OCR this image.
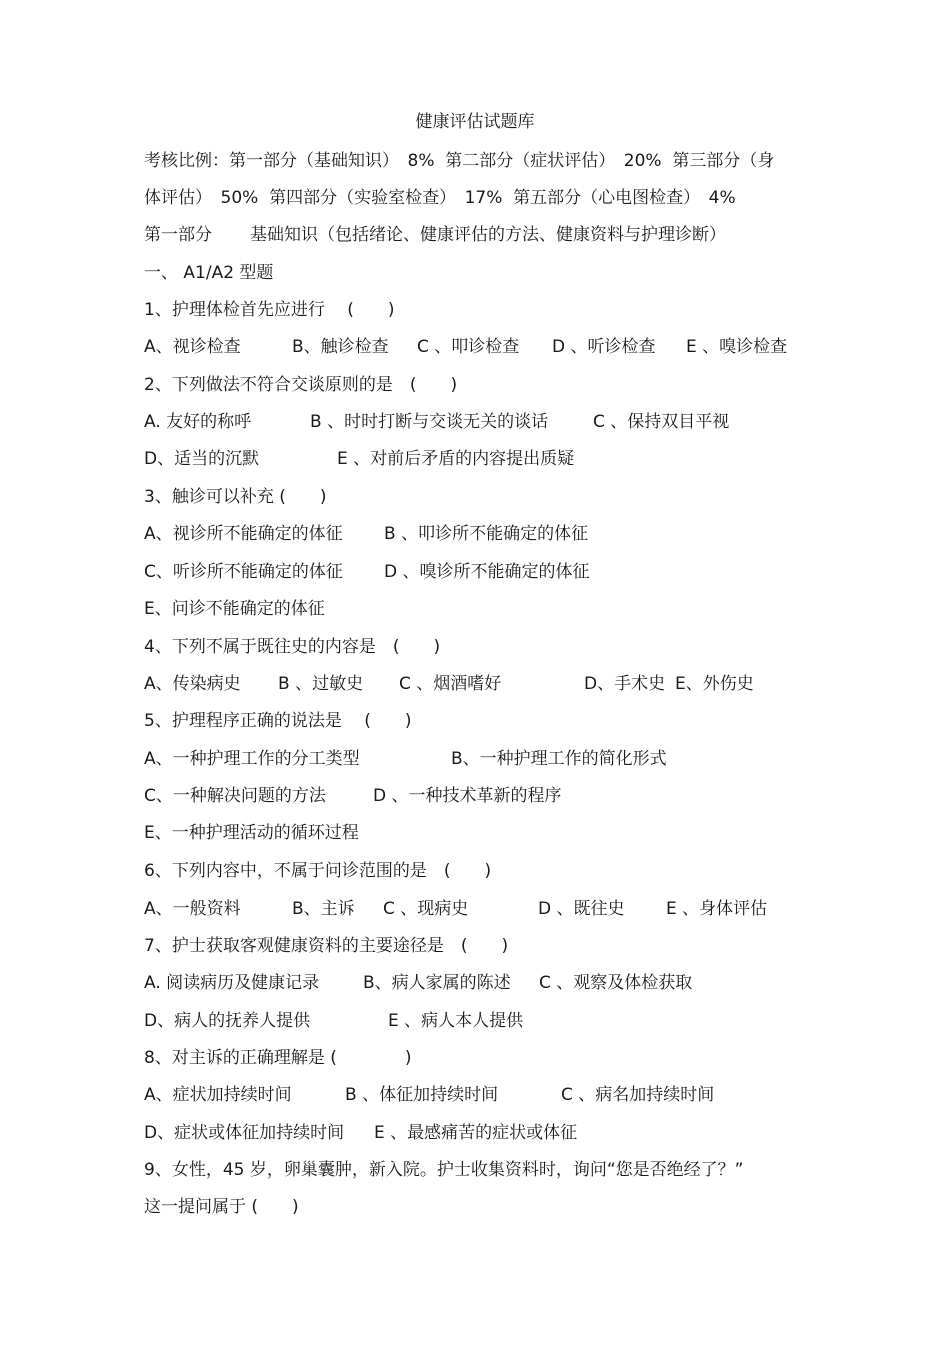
健康评估试题库
考核比例：第一部分（基础知识）　8%  第二部分（症状评估）　20%  第三部分（身
体评估）　50%  第四部分（实验室检查）　17%  第五部分（心电图检查）　4%

第一部分

基础知识（包括绪论、健康评估的方法、健康资料与护理诊断）

一、 A1/A2 型题
1、护理体检首先应进行　 (　　)

A、视诊检查

	B、触诊检查

C 、叩诊检查

D 、听诊检查

E 、嗅诊检查

2、下列做法不符合交谈原则的是　(　　)

A. 友好的称呼

	B 、时时打断与交谈无关的谈话

	C 、保持双目平视

D、适当的沉默

	E 、对前后矛盾的内容提出质疑

3、触诊可以补充 (　　)

A、视诊所不能确定的体征

B 、叩诊所不能确定的体征

C、听诊所不能确定的体征

D 、嗅诊所不能确定的体征

E、问诊不能确定的体征
4、下列不属于既往史的内容是　(　　)

A、传染病史

B 、过敏史

C 、烟酒嗜好

	D、手术史

E、外伤史

5、护理程序正确的说法是　 (　　)

A、一种护理工作的分工类型

	B、一种护理工作的简化形式

C、一种解决问题的方法

	D 、一种技术革新的程序

E、一种护理活动的循环过程
6、下列内容中，不属于问诊范围的是　(　　)

A、一般资料

	B、主诉

C 、现病史

	D 、既往史

E 、身体评估

7、护士获取客观健康资料的主要途径是　(　　)

A. 阅读病历及健康记录

	B、病人家属的陈述

C 、观察及体检获取

D、病人的抚养人提供

	E 、病人本人提供

8、对主诉的正确理解是 (　　　　)

A、症状加持续时间

	B 、体征加持续时间

	C 、病名加持续时间

D、症状或体征加持续时间

E 、最感痛苦的症状或体征

9、女性，45 岁，卵巢囊肿，新入院。护士收集资料时，询问“您是否绝经了？”
这一提问属于 (　　)
